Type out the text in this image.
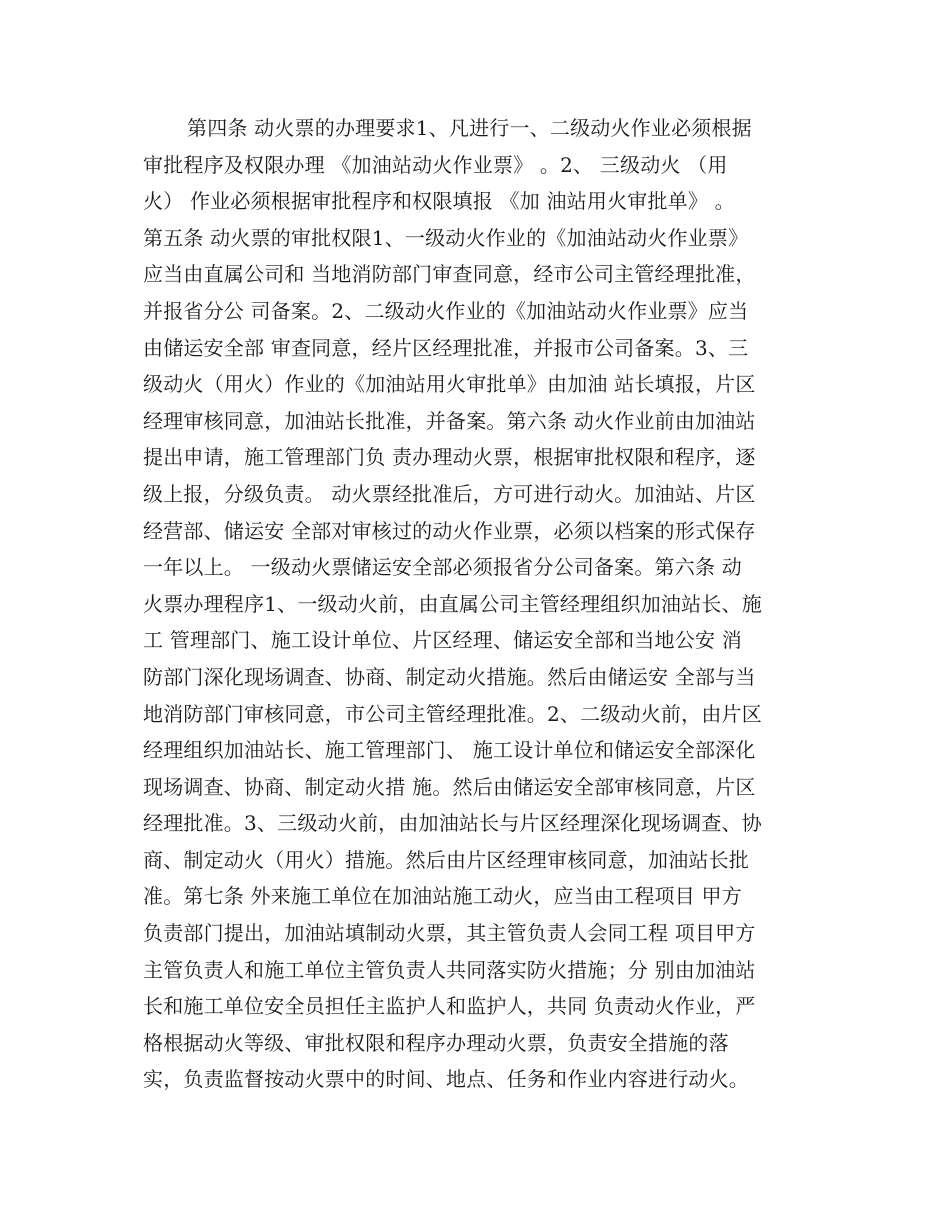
第四条 动火票的办理要求1、凡进行一、二级动火作业必须根据
审批程序及权限办理 《加油站动火作业票》 。2、 三级动火 （用
火） 作业必须根据审批程序和权限填报 《加 油站用火审批单》 。
第五条 动火票的审批权限1、一级动火作业的《加油站动火作业票》
应当由直属公司和 当地消防部门审查同意，经市公司主管经理批准，
并报省分公 司备案。2、二级动火作业的《加油站动火作业票》应当
由储运安全部 审查同意，经片区经理批准，并报市公司备案。3、三
级动火（用火）作业的《加油站用火审批单》由加油 站长填报，片区
经理审核同意，加油站长批准，并备案。第六条 动火作业前由加油站
提出申请，施工管理部门负 责办理动火票，根据审批权限和程序，逐
级上报，分级负责。 动火票经批准后，方可进行动火。加油站、片区
经营部、储运安 全部对审核过的动火作业票，必须以档案的形式保存
一年以上。 一级动火票储运安全部必须报省分公司备案。第六条 动
火票办理程序1、一级动火前，由直属公司主管经理组织加油站长、施
工 管理部门、施工设计单位、片区经理、储运安全部和当地公安 消
防部门深化现场调查、协商、制定动火措施。然后由储运安 全部与当
地消防部门审核同意，市公司主管经理批准。2、二级动火前，由片区
经理组织加油站长、施工管理部门、 施工设计单位和储运安全部深化
现场调查、协商、制定动火措 施。然后由储运安全部审核同意，片区
经理批准。3、三级动火前，由加油站长与片区经理深化现场调查、协
商、制定动火（用火）措施。然后由片区经理审核同意，加油站长批
准。第七条 外来施工单位在加油站施工动火，应当由工程项目 甲方
负责部门提出，加油站填制动火票，其主管负责人会同工程 项目甲方
主管负责人和施工单位主管负责人共同落实防火措施；分 别由加油站
长和施工单位安全员担任主监护人和监护人，共同 负责动火作业，严
格根据动火等级、审批权限和程序办理动火票，负责安全措施的落
实，负责监督按动火票中的时间、地点、任务和作业内容进行动火。
